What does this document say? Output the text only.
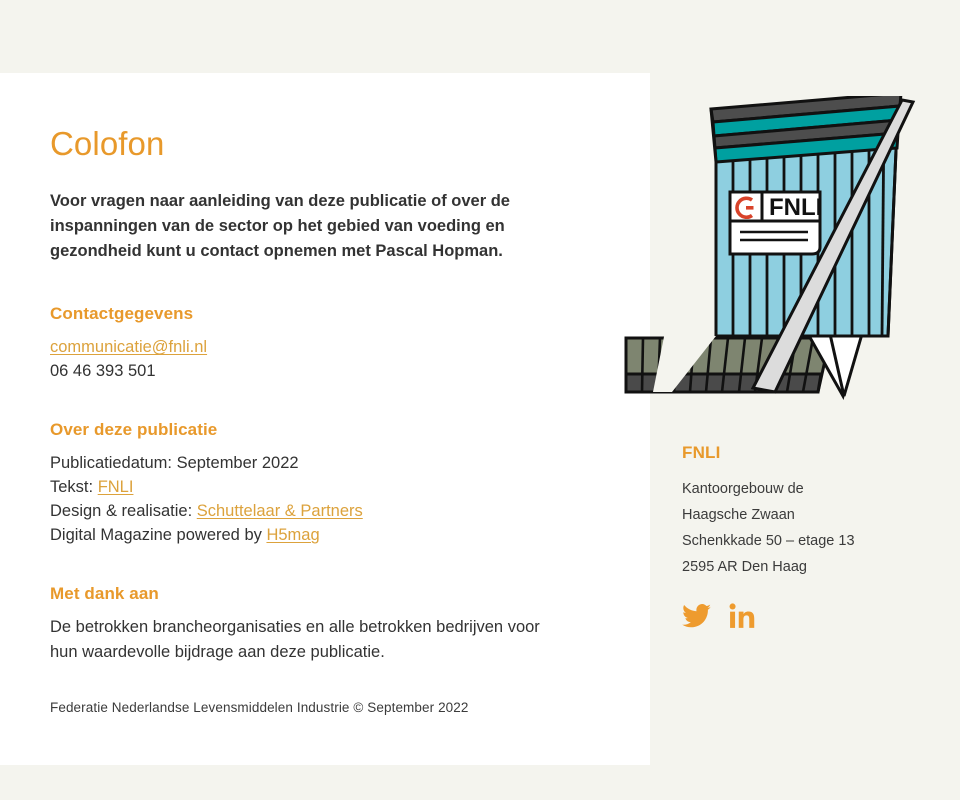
Colofon

Voor vragen naar aanleiding van deze publicatie of over de inspanningen van de sector op het gebied van voeding en gezondheid kunt u contact opnemen met Pascal Hopman.

Contactgegevens

communicatie@fnli.nl

06 46 393 501

Over deze publicatie

Publicatiedatum: September 2022

Tekst: FNLI

Design & realisatie: Schuttelaar & Partners

Digital Magazine powered by H5mag

Met dank aan

De betrokken brancheorganisaties en alle betrokken bedrijven voor hun waardevolle bijdrage aan deze publicatie.

Federatie Nederlandse Levensmiddelen Industrie © September 2022

FNLI
FNLI

Kantoorgebouw de

Haagsche Zwaan

Schenkkade 50 – etage 13

2595 AR Den Haag
